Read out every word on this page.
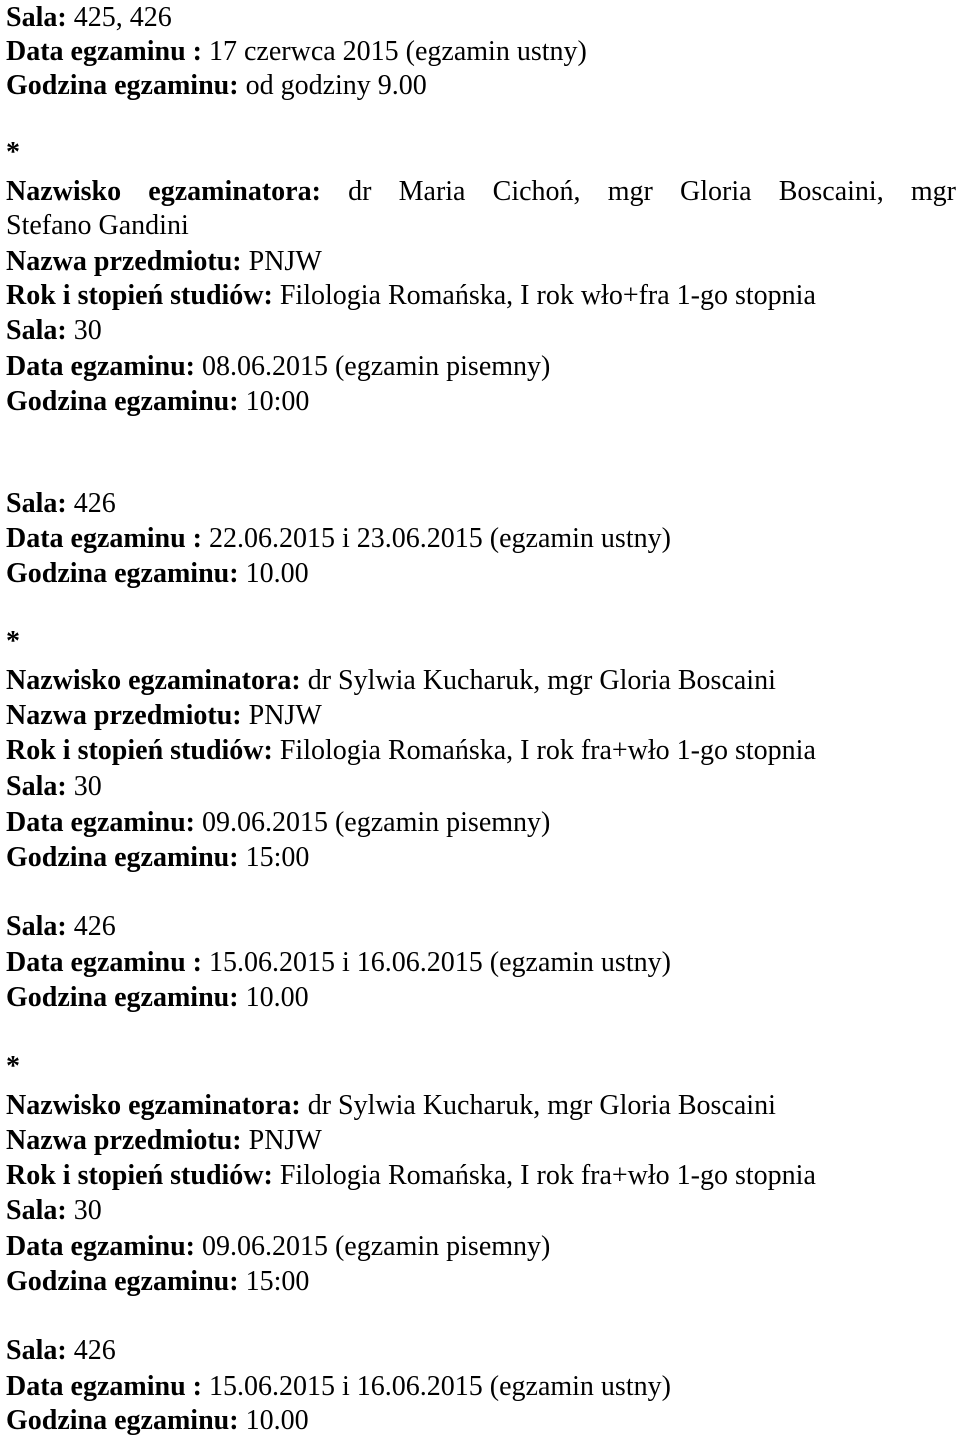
Sala: 425, 426
Data egzaminu : 17 czerwca 2015 (egzamin ustny)
Godzina egzaminu: od godziny 9.00
*
Nazwisko egzaminatora: dr Maria Cichoń, mgr Gloria Boscaini, mgr
Stefano Gandini
Nazwa przedmiotu: PNJW
Rok i stopień studiów: Filologia Romańska, I rok wło+fra 1-go stopnia
Sala: 30
Data egzaminu: 08.06.2015 (egzamin pisemny)
Godzina egzaminu: 10:00
Sala: 426
Data egzaminu : 22.06.2015 i 23.06.2015 (egzamin ustny)
Godzina egzaminu: 10.00
*
Nazwisko egzaminatora: dr Sylwia Kucharuk, mgr Gloria Boscaini
Nazwa przedmiotu: PNJW
Rok i stopień studiów: Filologia Romańska, I rok fra+wło 1-go stopnia
Sala: 30
Data egzaminu: 09.06.2015 (egzamin pisemny)
Godzina egzaminu: 15:00
Sala: 426
Data egzaminu : 15.06.2015 i 16.06.2015 (egzamin ustny)
Godzina egzaminu: 10.00
*
Nazwisko egzaminatora: dr Sylwia Kucharuk, mgr Gloria Boscaini
Nazwa przedmiotu: PNJW
Rok i stopień studiów: Filologia Romańska, I rok fra+wło 1-go stopnia
Sala: 30
Data egzaminu: 09.06.2015 (egzamin pisemny)
Godzina egzaminu: 15:00
Sala: 426
Data egzaminu : 15.06.2015 i 16.06.2015 (egzamin ustny)
Godzina egzaminu: 10.00
